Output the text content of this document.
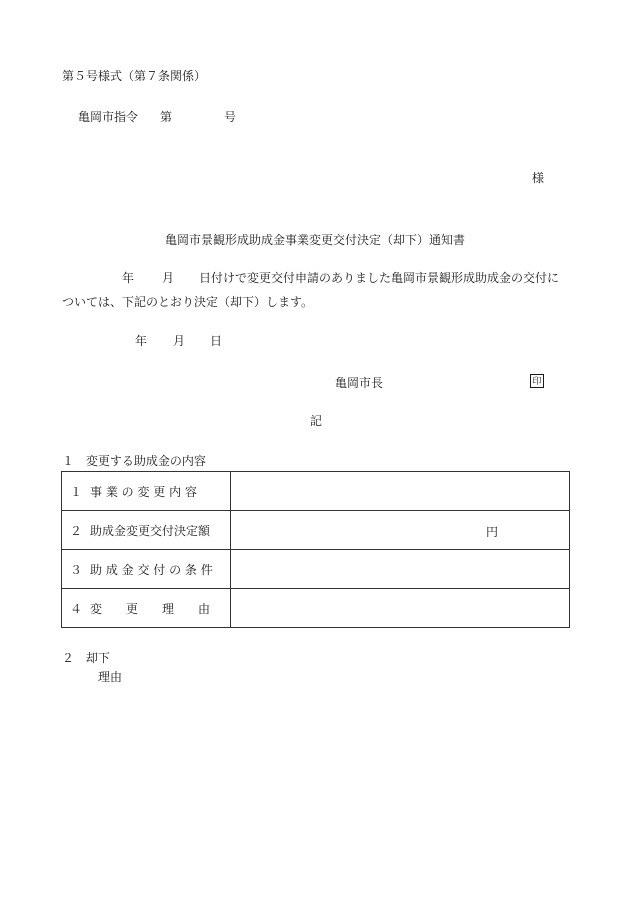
第５号様式（第７条関係）
亀岡市指令 第	号
様
亀岡市景観形成助成金事業変更交付決定（却下）通知書
年 月 日付けで変更交付申請のありました亀岡市景観形成助成金の交付に
ついては、下記のとおり決定（却下）します。
年 月 日
亀岡市長	印
記
１ 変更する助成金の内容
１ 事 業 の 変 更 内 容	
２ 助成金変更交付決定額	円

３ 助 成 金 交 付 の 条 件	
４ 変　　更　　理　　由	
２ 却下
理由
